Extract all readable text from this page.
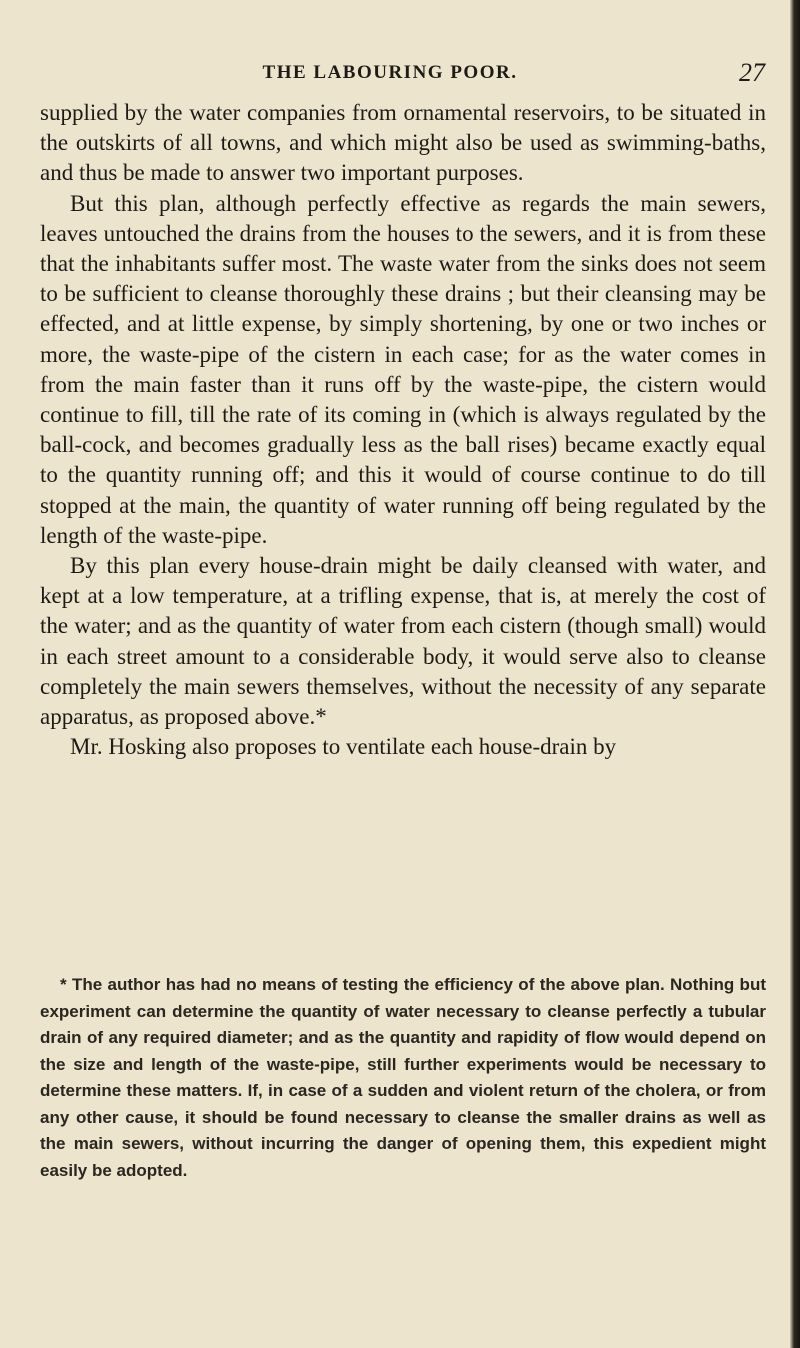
THE LABOURING POOR.	27

supplied by the water companies from ornamental reservoirs, to be situated in the outskirts of all towns, and which might also be used as swimming-baths, and thus be made to answer two important purposes.

But this plan, although perfectly effective as regards the main sewers, leaves untouched the drains from the houses to the sewers, and it is from these that the inhabitants suffer most. The waste water from the sinks does not seem to be sufficient to cleanse thoroughly these drains ; but their cleansing may be effected, and at little expense, by simply shortening, by one or two inches or more, the waste-pipe of the cistern in each case; for as the water comes in from the main faster than it runs off by the waste-pipe, the cistern would continue to fill, till the rate of its coming in (which is always regulated by the ball-cock, and becomes gradually less as the ball rises) became exactly equal to the quantity running off; and this it would of course continue to do till stopped at the main, the quantity of water running off being regulated by the length of the waste-pipe.

By this plan every house-drain might be daily cleansed with water, and kept at a low temperature, at a trifling expense, that is, at merely the cost of the water; and as the quantity of water from each cistern (though small) would in each street amount to a considerable body, it would serve also to cleanse completely the main sewers themselves, without the necessity of any separate apparatus, as proposed above.*

Mr. Hosking also proposes to ventilate each house-drain by

* The author has had no means of testing the efficiency of the above plan. Nothing but experiment can determine the quantity of water necessary to cleanse perfectly a tubular drain of any required diameter; and as the quantity and rapidity of flow would depend on the size and length of the waste-pipe, still further experiments would be necessary to determine these matters. If, in case of a sudden and violent return of the cholera, or from any other cause, it should be found necessary to cleanse the smaller drains as well as the main sewers, without incurring the danger of opening them, this expedient might easily be adopted.
